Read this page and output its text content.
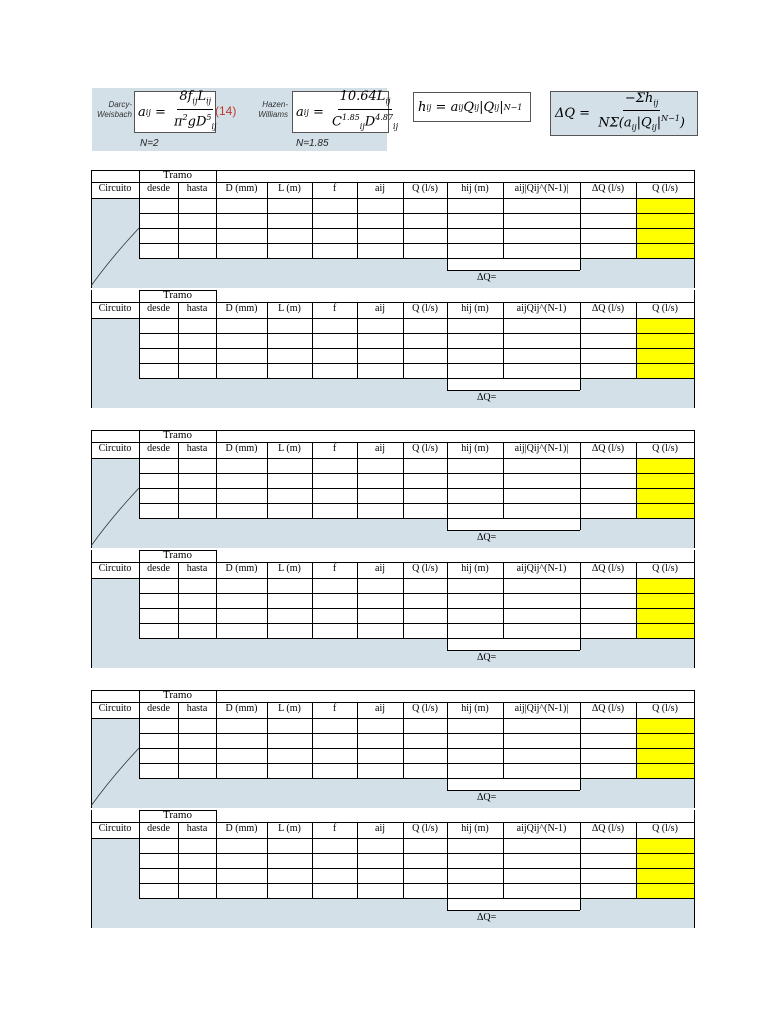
Darcy-
Weisbach a ij = $\frac{8f_{ij}L_{ij}}{\pi^2gD^5_{ij}}$
(14)	Hazen-
Williams a ij = $\frac{10.64L_{ij}}{C^{1.85}_{ij}D^{4.87}_{ij}}$
N=2	N=1.85
h ij = a ij Q ij |Q ij | N−1	$\Delta Q = \frac{-\Sigma h_{ij}}{N\Sigma(a_{ij}|Q_{ij}|^{N-1})}$
Tramo
Circuito	desde	hasta	D (mm)	L (m)	f	aij	Q (l/s)	hij (m)	aij|Qij^(N-1)|	ΔQ (l/s)	Q (l/s)
ΔQ=
Tramo
Circuito	desde	hasta	D (mm)	L (m)	f	aij	Q (l/s)	hij (m)	aijQij^(N-1)	ΔQ (l/s)	Q (l/s)
ΔQ=
Tramo
Circuito	desde	hasta	D (mm)	L (m)	f	aij	Q (l/s)	hij (m)	aij|Qij^(N-1)|	ΔQ (l/s)	Q (l/s)
ΔQ=
Tramo
Circuito	desde	hasta	D (mm)	L (m)	f	aij	Q (l/s)	hij (m)	aijQij^(N-1)	ΔQ (l/s)	Q (l/s)
ΔQ=
Tramo
Circuito	desde	hasta	D (mm)	L (m)	f	aij	Q (l/s)	hij (m)	aij|Qij^(N-1)|	ΔQ (l/s)	Q (l/s)
ΔQ=
Tramo
Circuito	desde	hasta	D (mm)	L (m)	f	aij	Q (l/s)	hij (m)	aijQij^(N-1)	ΔQ (l/s)	Q (l/s)
ΔQ=
